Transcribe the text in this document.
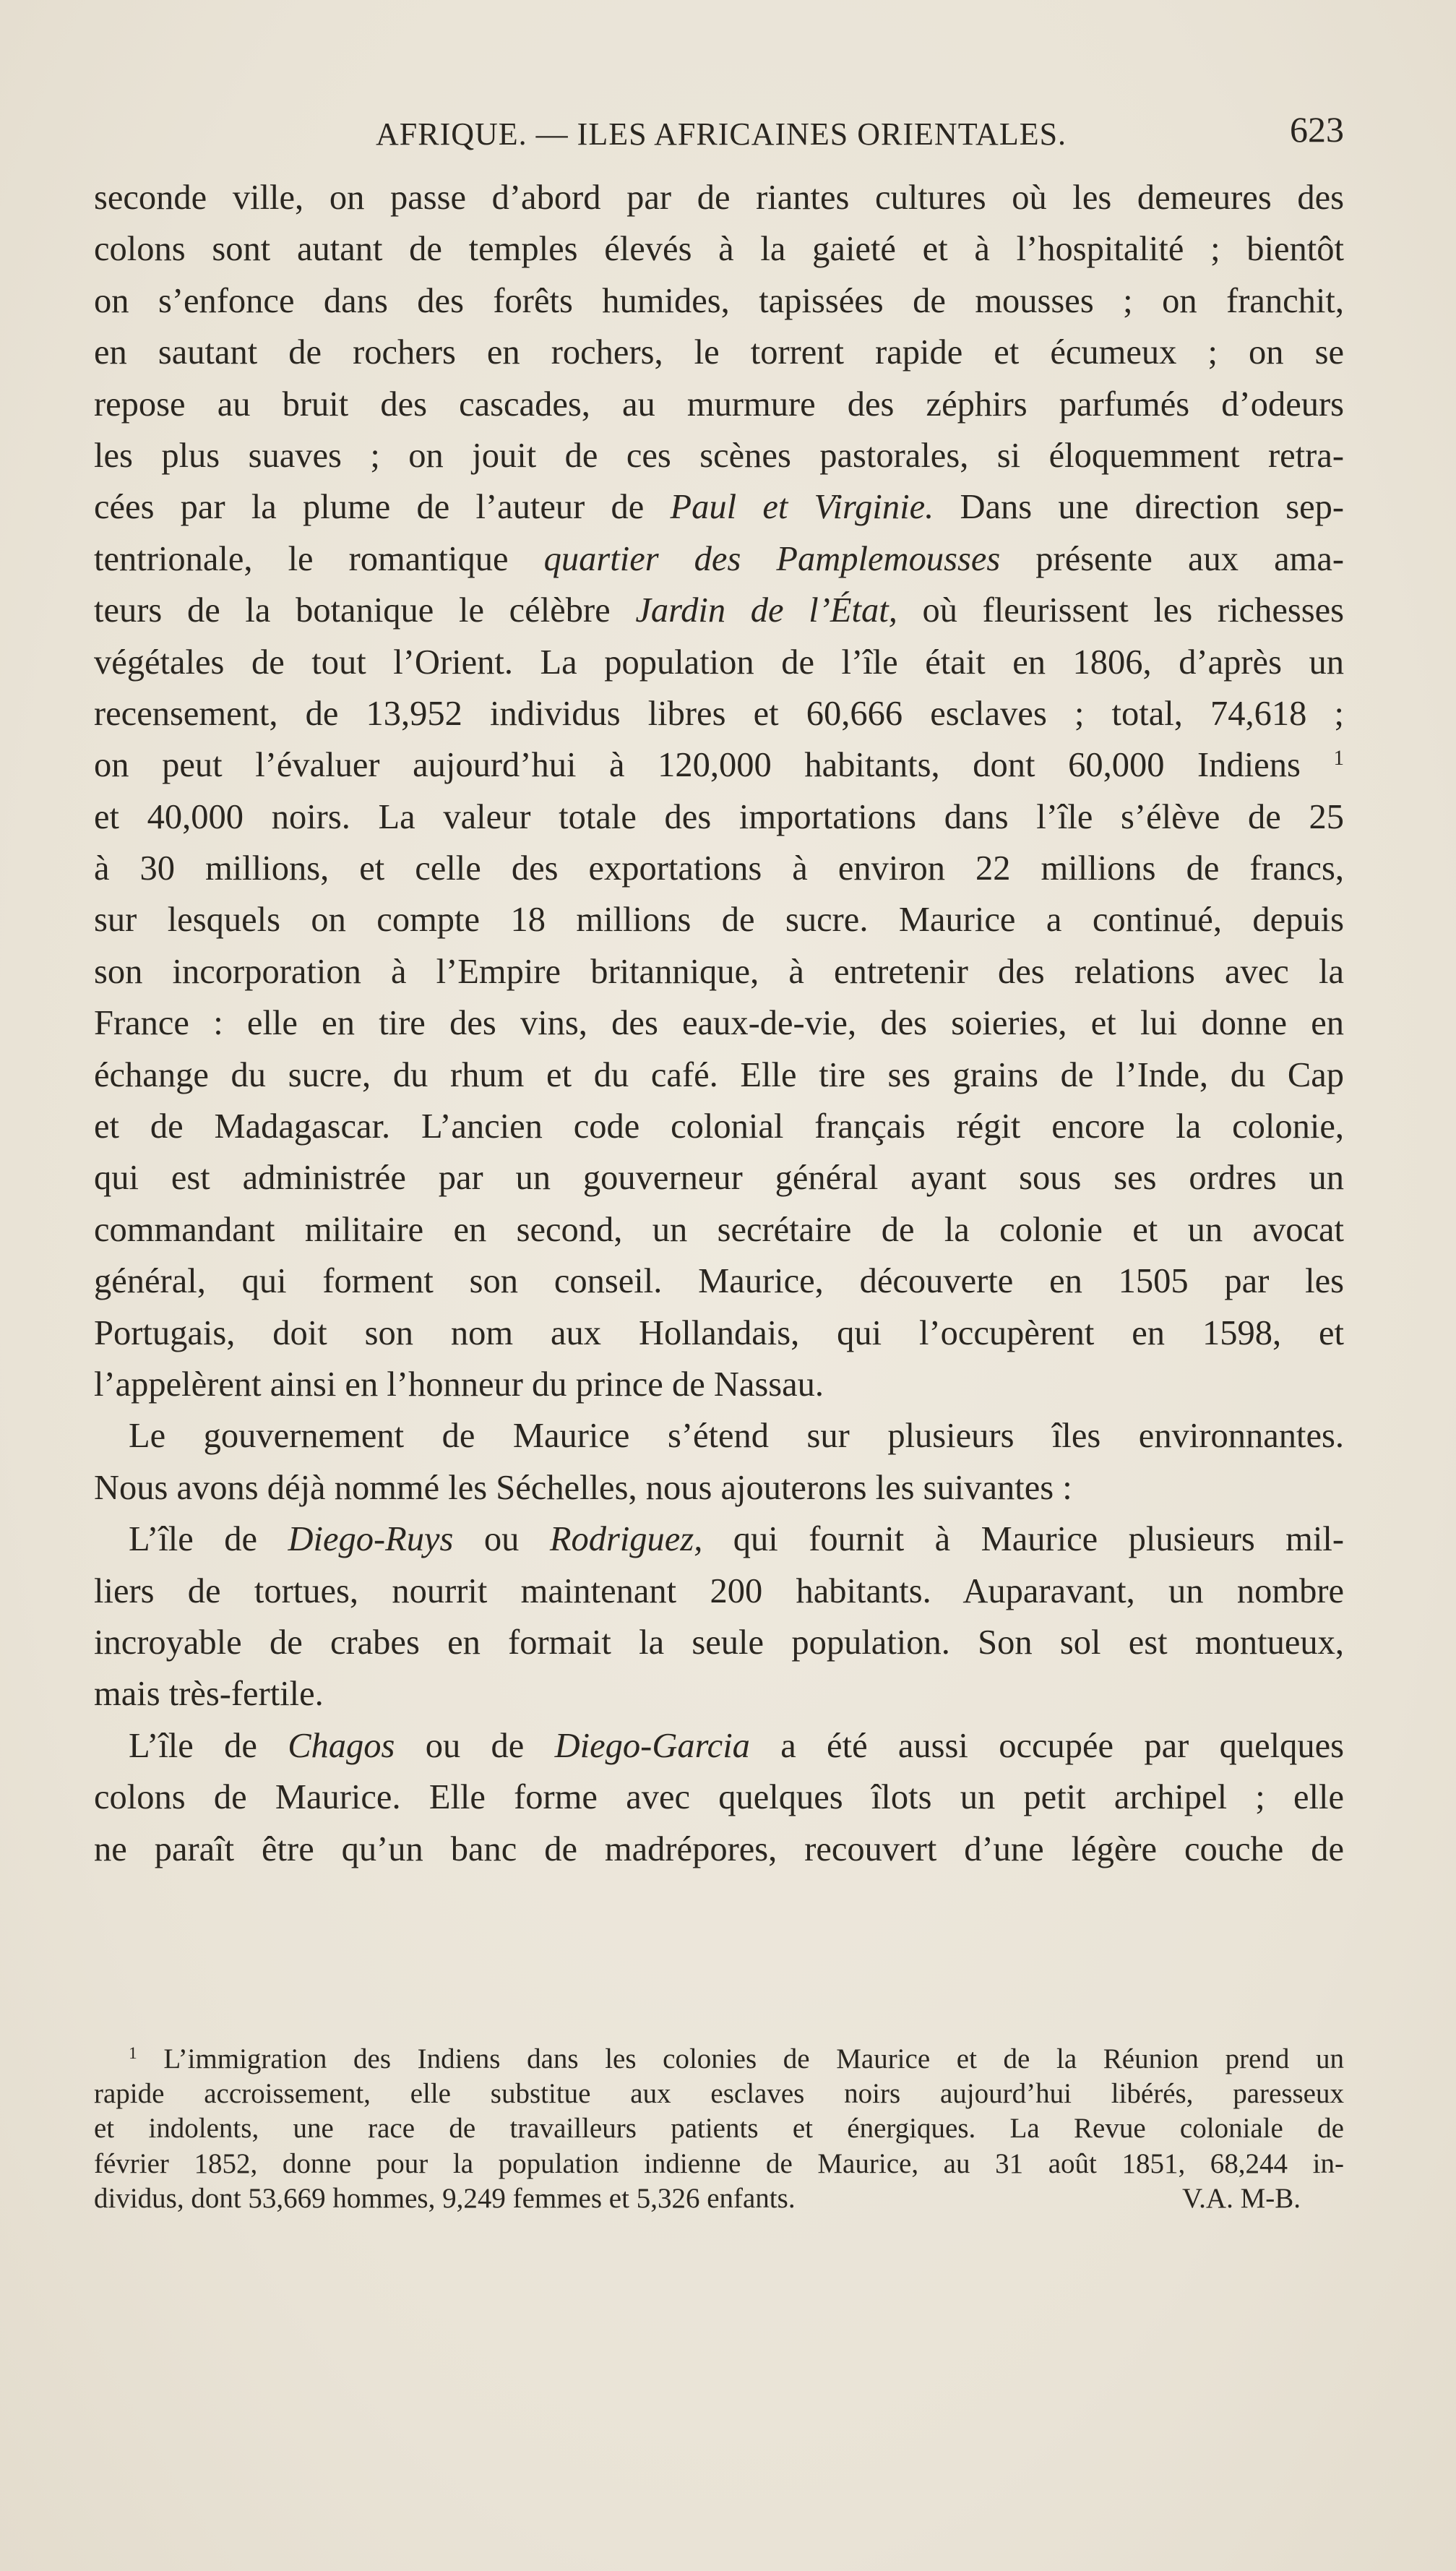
AFRIQUE. — ILES AFRICAINES ORIENTALES.	623
seconde ville, on passe d’abord par de riantes cultures où les demeures des
colons sont autant de temples élevés à la gaieté et à l’hospitalité ; bientôt
on s’enfonce dans des forêts humides, tapissées de mousses ; on franchit,
en sautant de rochers en rochers, le torrent rapide et écumeux ; on se
repose au bruit des cascades, au murmure des zéphirs parfumés d’odeurs
les plus suaves ; on jouit de ces scènes pastorales, si éloquemment retra-
cées par la plume de l’auteur de Paul et Virginie. Dans une direction sep-
tentrionale, le romantique quartier des Pamplemousses présente aux ama-
teurs de la botanique le célèbre Jardin de l’État, où fleurissent les richesses
végétales de tout l’Orient. La population de l’île était en 1806, d’après un
recensement, de 13,952 individus libres et 60,666 esclaves ; total, 74,618 ;
on peut l’évaluer aujourd’hui à 120,000 habitants, dont 60,000 Indiens $^1$
et 40,000 noirs. La valeur totale des importations dans l’île s’élève de 25
à 30 millions, et celle des exportations à environ 22 millions de francs,
sur lesquels on compte 18 millions de sucre. Maurice a continué, depuis
son incorporation à l’Empire britannique, à entretenir des relations avec la
France : elle en tire des vins, des eaux-de-vie, des soieries, et lui donne en
échange du sucre, du rhum et du café. Elle tire ses grains de l’Inde, du Cap
et de Madagascar. L’ancien code colonial français régit encore la colonie,
qui est administrée par un gouverneur général ayant sous ses ordres un
commandant militaire en second, un secrétaire de la colonie et un avocat
général, qui forment son conseil. Maurice, découverte en 1505 par les
Portugais, doit son nom aux Hollandais, qui l’occupèrent en 1598, et
l’appelèrent ainsi en l’honneur du prince de Nassau.
Le gouvernement de Maurice s’étend sur plusieurs îles environnantes.
Nous avons déjà nommé les Séchelles, nous ajouterons les suivantes :
L’île de Diego-Ruys ou Rodriguez, qui fournit à Maurice plusieurs mil-
liers de tortues, nourrit maintenant 200 habitants. Auparavant, un nombre
incroyable de crabes en formait la seule population. Son sol est montueux,
mais très-fertile.
L’île de Chagos ou de Diego-Garcia a été aussi occupée par quelques
colons de Maurice. Elle forme avec quelques îlots un petit archipel ; elle
ne paraît être qu’un banc de madrépores, recouvert d’une légère couche de
$^1$ L’immigration des Indiens dans les colonies de Maurice et de la Réunion prend un
rapide accroissement, elle substitue aux esclaves noirs aujourd’hui libérés, paresseux
et indolents, une race de travailleurs patients et énergiques. La Revue coloniale de
février 1852, donne pour la population indienne de Maurice, au 31 août 1851, 68,244 in-
dividus, dont 53,669 hommes, 9,249 femmes et 5,326 enfants.	V.A. M-B.
